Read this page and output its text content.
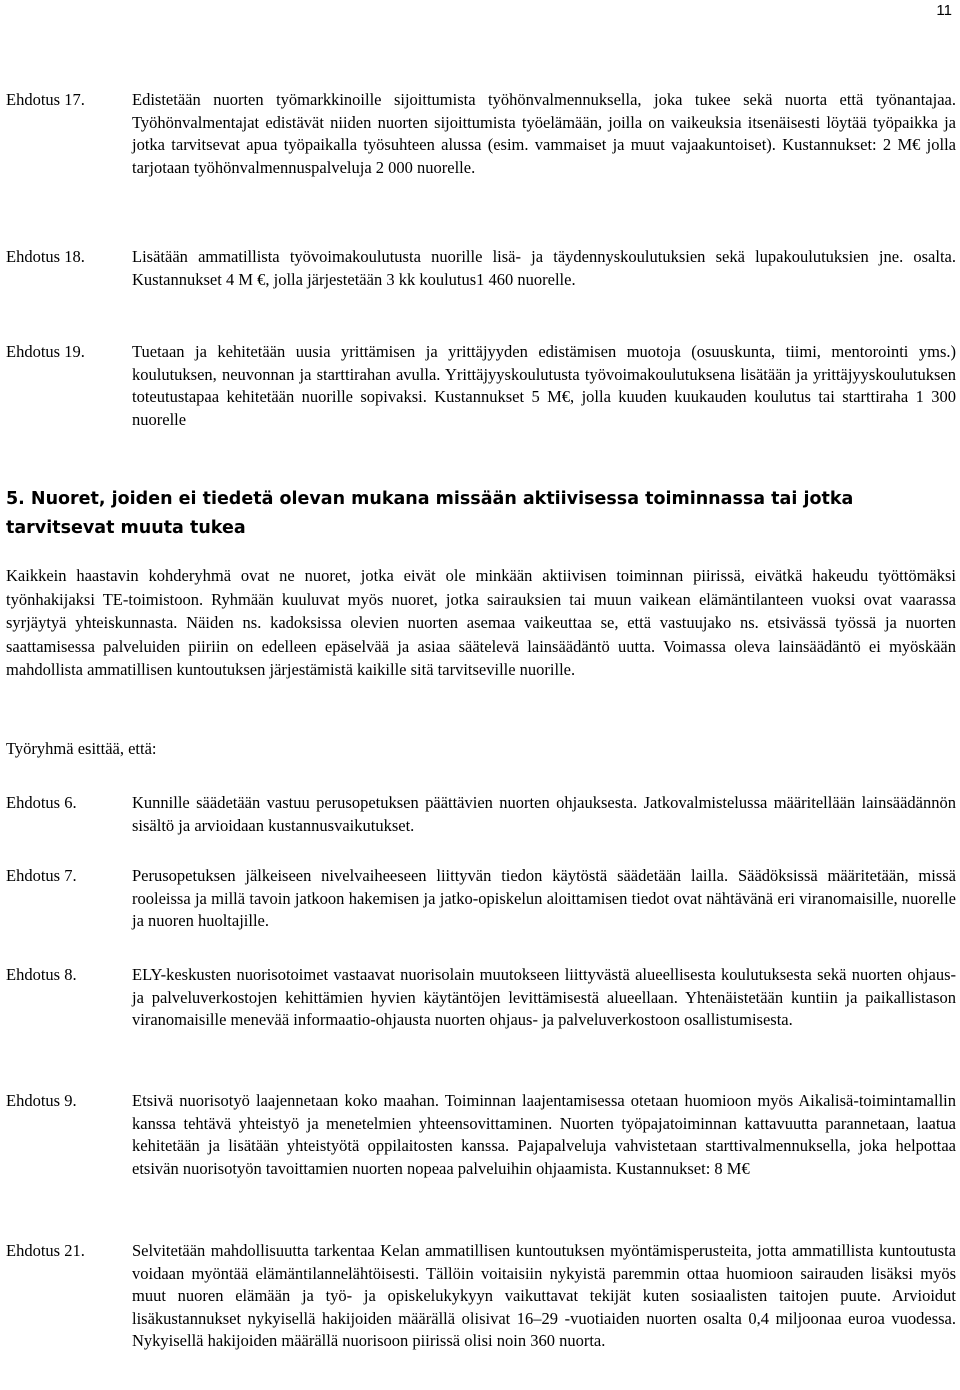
11
Ehdotus 17.	Edistetään nuorten työmarkkinoille sijoittumista työhönvalmennuksella, joka tukee sekä nuorta että työnantajaa. Työhönvalmentajat edistävät niiden nuorten sijoittumista työelämään, joilla on vaikeuksia itsenäisesti löytää työpaikka ja jotka tarvitsevat apua työpaikalla työsuhteen alussa (esim. vammaiset ja muut vajaakuntoiset). Kustannukset: 2 M€ jolla tarjotaan työhönvalmennuspalveluja 2 000 nuorelle.
Ehdotus 18.	Lisätään ammatillista työvoimakoulutusta nuorille lisä- ja täydennyskoulutuksien sekä lupakoulutuksien jne. osalta. Kustannukset 4 M €, jolla järjestetään 3 kk koulutus1 460 nuorelle.
Ehdotus 19.	Tuetaan ja kehitetään uusia yrittämisen ja yrittäjyyden edistämisen muotoja (osuuskunta, tiimi, mentorointi yms.) koulutuksen, neuvonnan ja starttirahan avulla. Yrittäjyyskoulutusta työvoimakoulutuksena lisätään ja yrittäjyyskoulutuksen toteutustapaa kehitetään nuorille sopivaksi. Kustannukset 5 M€, jolla kuuden kuukauden koulutus tai starttiraha 1 300 nuorelle
5. Nuoret, joiden ei tiedetä olevan mukana missään aktiivisessa toiminnassa tai jotka tarvitsevat muuta tukea
Kaikkein haastavin kohderyhmä ovat ne nuoret, jotka eivät ole minkään aktiivisen toiminnan piirissä, eivätkä hakeudu työttömäksi työnhakijaksi TE-toimistoon. Ryhmään kuuluvat myös nuoret, jotka sairauksien tai muun vaikean elämäntilanteen vuoksi ovat vaarassa syrjäytyä yhteiskunnasta. Näiden ns. kadoksissa olevien nuorten asemaa vaikeuttaa se, että vastuujako ns. etsivässä työssä ja nuorten saattamisessa palveluiden piiriin on edelleen epäselvää ja asiaa säätelevä lainsäädäntö uutta. Voimassa oleva lainsäädäntö ei myöskään mahdollista ammatillisen kuntoutuksen järjestämistä kaikille sitä tarvitseville nuorille.
Työryhmä esittää, että:
Ehdotus 6.	Kunnille säädetään vastuu perusopetuksen päättävien nuorten ohjauksesta. Jatkovalmistelussa määritellään lainsäädännön sisältö ja arvioidaan kustannusvaikutukset.
Ehdotus 7.	Perusopetuksen jälkeiseen nivelvaiheeseen liittyvän tiedon käytöstä säädetään lailla. Säädöksissä määritetään, missä rooleissa ja millä tavoin jatkoon hakemisen ja jatko-opiskelun aloittamisen tiedot ovat nähtävänä eri viranomaisille, nuorelle ja nuoren huoltajille.
Ehdotus 8.	ELY-keskusten nuorisotoimet vastaavat nuorisolain muutokseen liittyvästä alueellisesta koulutuksesta sekä nuorten ohjaus- ja palveluverkostojen kehittämien hyvien käytäntöjen levittämisestä alueellaan. Yhtenäistetään kuntiin ja paikallistason viranomaisille menevää informaatio-ohjausta nuorten ohjaus- ja palveluverkostoon osallistumisesta.
Ehdotus 9.	Etsivä nuorisotyö laajennetaan koko maahan. Toiminnan laajentamisessa otetaan huomioon myös Aikalisä-toimintamallin kanssa tehtävä yhteistyö ja menetelmien yhteensovittaminen. Nuorten työpajatoiminnan kattavuutta parannetaan, laatua kehitetään ja lisätään yhteistyötä oppilaitosten kanssa. Pajapalveluja vahvistetaan starttivalmennuksella, joka helpottaa etsivän nuorisotyön tavoittamien nuorten nopeaa palveluihin ohjaamista. Kustannukset: 8 M€
Ehdotus 21.	Selvitetään mahdollisuutta tarkentaa Kelan ammatillisen kuntoutuksen myöntämisperusteita, jotta ammatillista kuntoutusta voidaan myöntää elämäntilannelähtöisesti. Tällöin voitaisiin nykyistä paremmin ottaa huomioon sairauden lisäksi myös muut nuoren elämään ja työ- ja opiskelukykyyn vaikuttavat tekijät kuten sosiaalisten taitojen puute. Arvioidut lisäkustannukset nykyisellä hakijoiden määrällä olisivat 16–29 -vuotiaiden nuorten osalta 0,4 miljoonaa euroa vuodessa. Nykyisellä hakijoiden määrällä nuorisoon piirissä olisi noin 360 nuorta.
